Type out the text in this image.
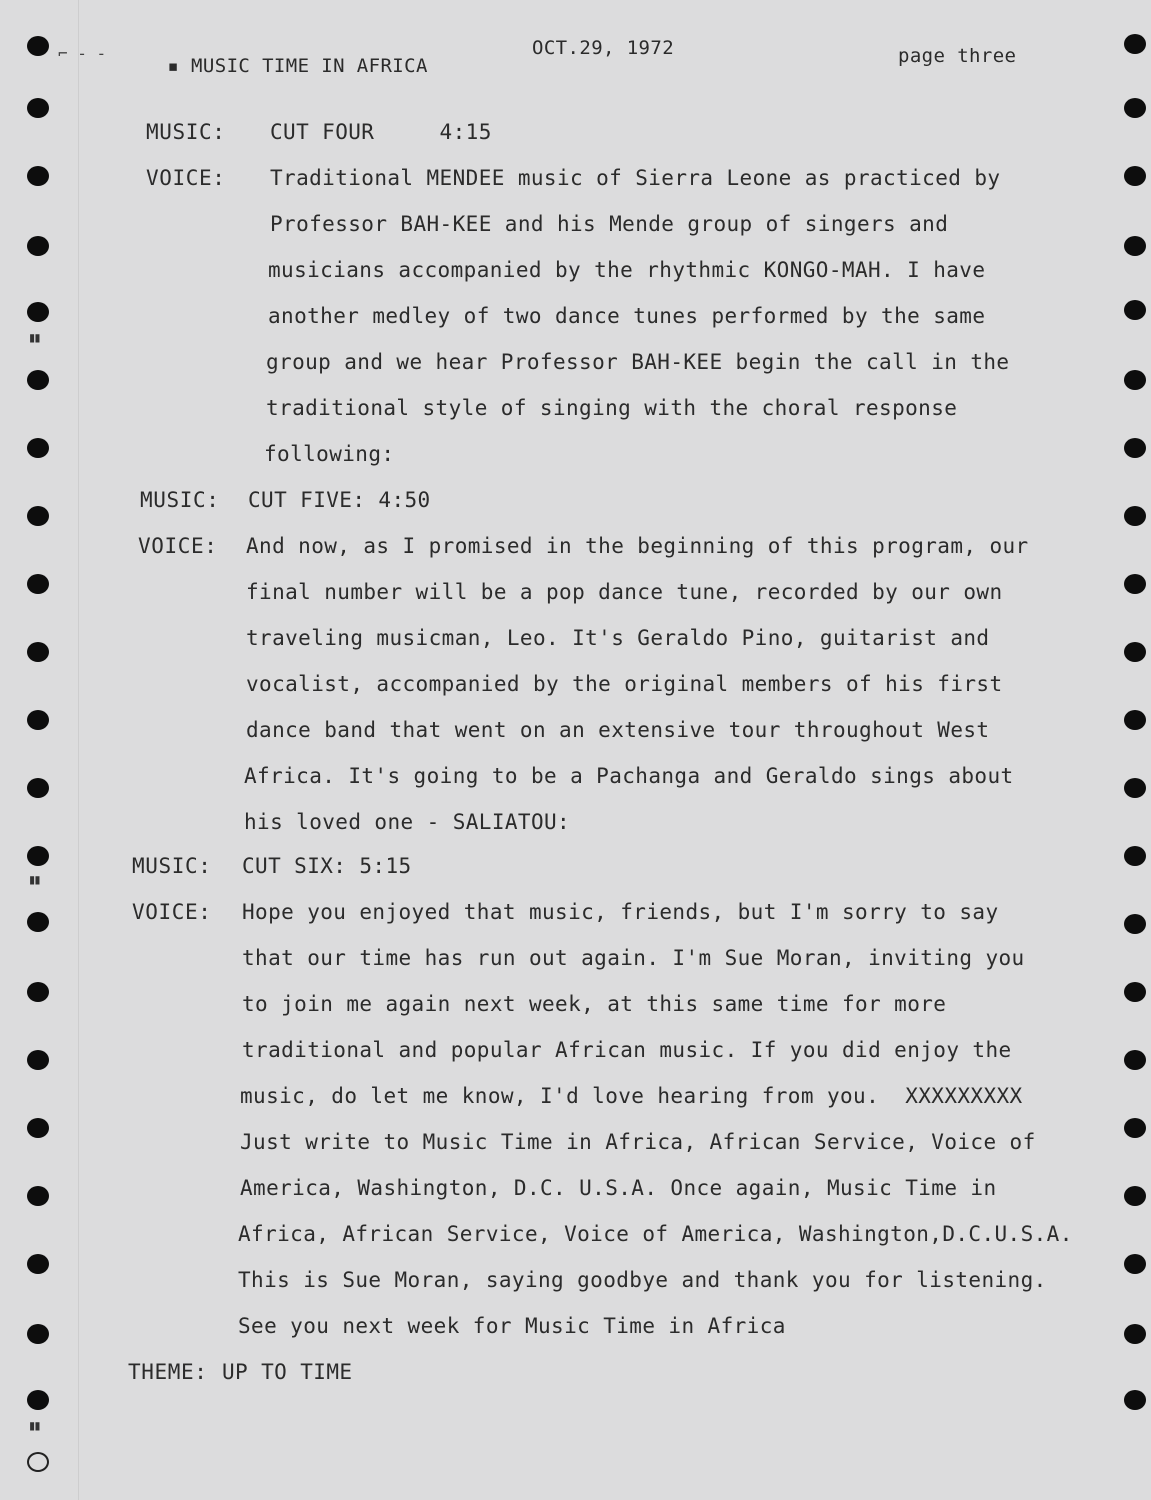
⌐ - -

▪ MUSIC TIME IN AFRICA

OCT.29, 1972	page three
MUSIC: CUT FOUR     4:15
VOICE: Traditional MENDEE music of Sierra Leone as practiced by
Professor BAH-KEE and his Mende group of singers and
musicians accompanied by the rhythmic KONGO-MAH. I have
another medley of two dance tunes performed by the same
group and we hear Professor BAH-KEE begin the call in the
traditional style of singing with the choral response
following:
MUSIC: CUT FIVE: 4:50
VOICE: And now, as I promised in the beginning of this program, our
final number will be a pop dance tune, recorded by our own
traveling musicman, Leo. It's Geraldo Pino, guitarist and
vocalist, accompanied by the original members of his first
dance band that went on an extensive tour throughout West
Africa. It's going to be a Pachanga and Geraldo sings about
his loved one - SALIATOU:
MUSIC: CUT SIX: 5:15
VOICE: Hope you enjoyed that music, friends, but I'm sorry to say
that our time has run out again. I'm Sue Moran, inviting you
to join me again next week, at this same time for more
traditional and popular African music. If you did enjoy the
music, do let me know, I'd love hearing from you.  XXXXXXXXX
Just write to Music Time in Africa, African Service, Voice of
America, Washington, D.C. U.S.A. Once again, Music Time in
Africa, African Service, Voice of America, Washington,D.C.U.S.A.
This is Sue Moran, saying goodbye and thank you for listening.
See you next week for Music Time in Africa
THEME: UP TO TIME
▮▮
▮▮
▮▮
